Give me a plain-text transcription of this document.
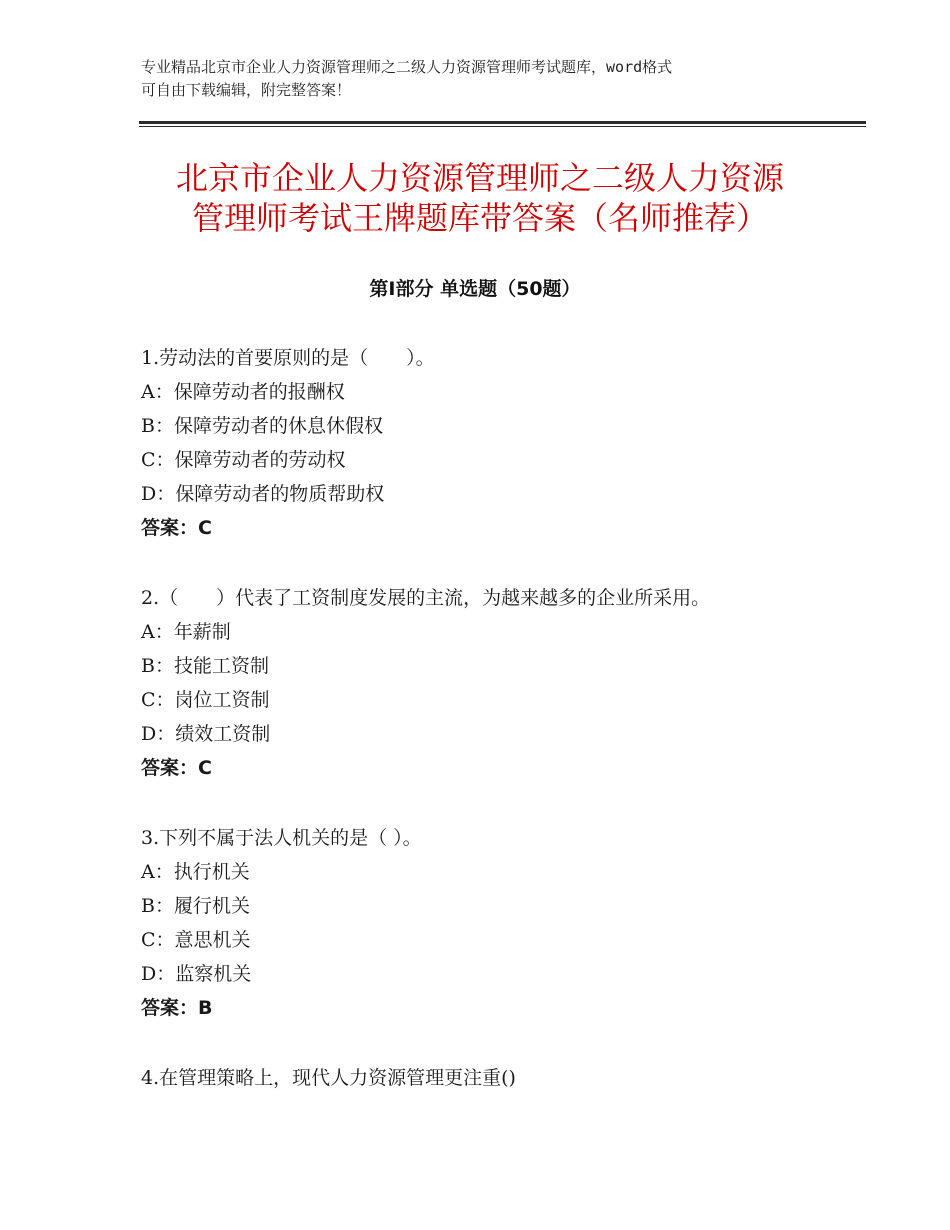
专业精品北京市企业人力资源管理师之二级人力资源管理师考试题库，word格式
可自由下载编辑，附完整答案！
北京市企业人力资源管理师之二级人力资源
管理师考试王牌题库带答案（名师推荐）
第Ⅰ部分 单选题（50题）
1.劳动法的首要原则的是（　　）。
A：保障劳动者的报酬权
B：保障劳动者的休息休假权
C：保障劳动者的劳动权
D：保障劳动者的物质帮助权
答案：C
2.（　　）代表了工资制度发展的主流，为越来越多的企业所采用。
A：年薪制
B：技能工资制
C：岗位工资制
D：绩效工资制
答案：C
3.下列不属于法人机关的是（ ）。
A：执行机关
B：履行机关
C：意思机关
D：监察机关
答案：B
4.在管理策略上，现代人力资源管理更注重()
